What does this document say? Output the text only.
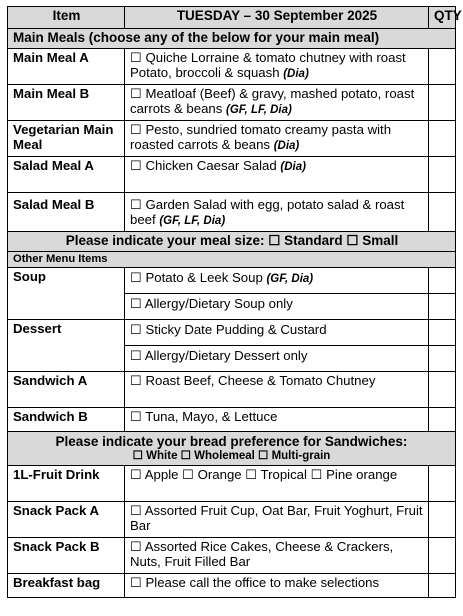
Item	TUESDAY – 30 September 2025	QTY
Main Meals (choose any of the below for your main meal)		
Main Meal A	☐ Quiche Lorraine & tomato chutney with roast Potato, broccoli & squash (Dia)	
Main Meal B	☐ Meatloaf (Beef) & gravy, mashed potato, roast carrots & beans (GF, LF, Dia)	
Vegetarian Main Meal	☐ Pesto, sundried tomato creamy pasta with roasted carrots & beans (Dia)	
Salad Meal A	☐ Chicken Caesar Salad (Dia)	
Salad Meal B	☐ Garden Salad with egg, potato salad & roast beef (GF, LF, Dia)	
Please indicate your meal size: ☐ Standard ☐ Small		
Other Menu Items		
Soup	☐ Potato & Leek Soup (GF, Dia)	
	☐ Allergy/Dietary Soup only	
Dessert	☐ Sticky Date Pudding & Custard	
	☐ Allergy/Dietary Dessert only	
Sandwich A	☐ Roast Beef, Cheese & Tomato Chutney	
Sandwich B	☐ Tuna, Mayo, & Lettuce	

Please indicate your bread preference for Sandwiches:
☐ White ☐ Wholemeal ☐ Multi-grain		

1L-Fruit Drink	☐ Apple ☐ Orange ☐ Tropical ☐ Pine orange	
Snack Pack A	☐ Assorted Fruit Cup, Oat Bar, Fruit Yoghurt, Fruit Bar	
Snack Pack B	☐ Assorted Rice Cakes, Cheese & Crackers, Nuts, Fruit Filled Bar	
Breakfast bag	☐ Please call the office to make selections	
